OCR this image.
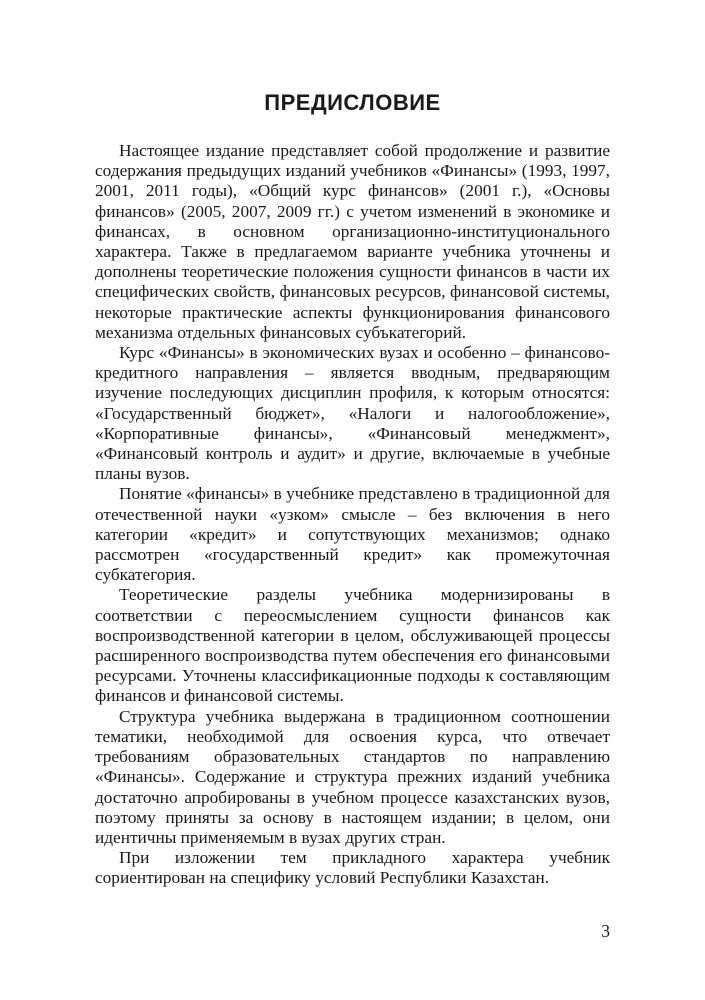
ПРЕДИСЛОВИЕ

Настоящее издание представляет собой продолжение и развитие содержания предыдущих изданий учебников «Финансы» (1993, 1997, 2001, 2011 годы), «Общий курс финансов» (2001 г.), «Основы финансов» (2005, 2007, 2009 гг.) с учетом изменений в экономике и финансах, в основном организационно-институционального характера. Также в предлагаемом варианте учебника уточнены и дополнены теоретические положения сущности финансов в части их специфических свойств, финансовых ресурсов, финансовой системы, некоторые практические аспекты функционирования финансового механизма отдельных финансовых субъкатегорий.

Курс «Финансы» в экономических вузах и особенно – финансово-кредитного направления – является вводным, предваряющим изучение последующих дисциплин профиля, к которым относятся: «Государственный бюджет», «Налоги и налогообложение», «Корпоративные финансы», «Финансовый менеджмент», «Финансовый контроль и аудит» и другие, включаемые в учебные планы вузов.

Понятие «финансы» в учебнике представлено в традиционной для отечественной науки «узком» смысле – без включения в него категории «кредит» и сопутствующих механизмов; однако рассмотрен «государственный кредит» как промежуточная субкатегория.

Теоретические разделы учебника модернизированы в соответствии с переосмыслением сущности финансов как воспроизводственной категории в целом, обслуживающей процессы расширенного воспроизводства путем обеспечения его финансовыми ресурсами. Уточнены классификационные подходы к составляющим финансов и финансовой системы.

Структура учебника выдержана в традиционном соотношении тематики, необходимой для освоения курса, что отвечает требованиям образовательных стандартов по направлению «Финансы». Содержание и структура прежних изданий учебника достаточно апробированы в учебном процессе казахстанских вузов, поэтому приняты за основу в настоящем издании; в целом, они идентичны применяемым в вузах других стран.

При изложении тем прикладного характера учебник сориентирован на специфику условий Республики Казахстан.

3
